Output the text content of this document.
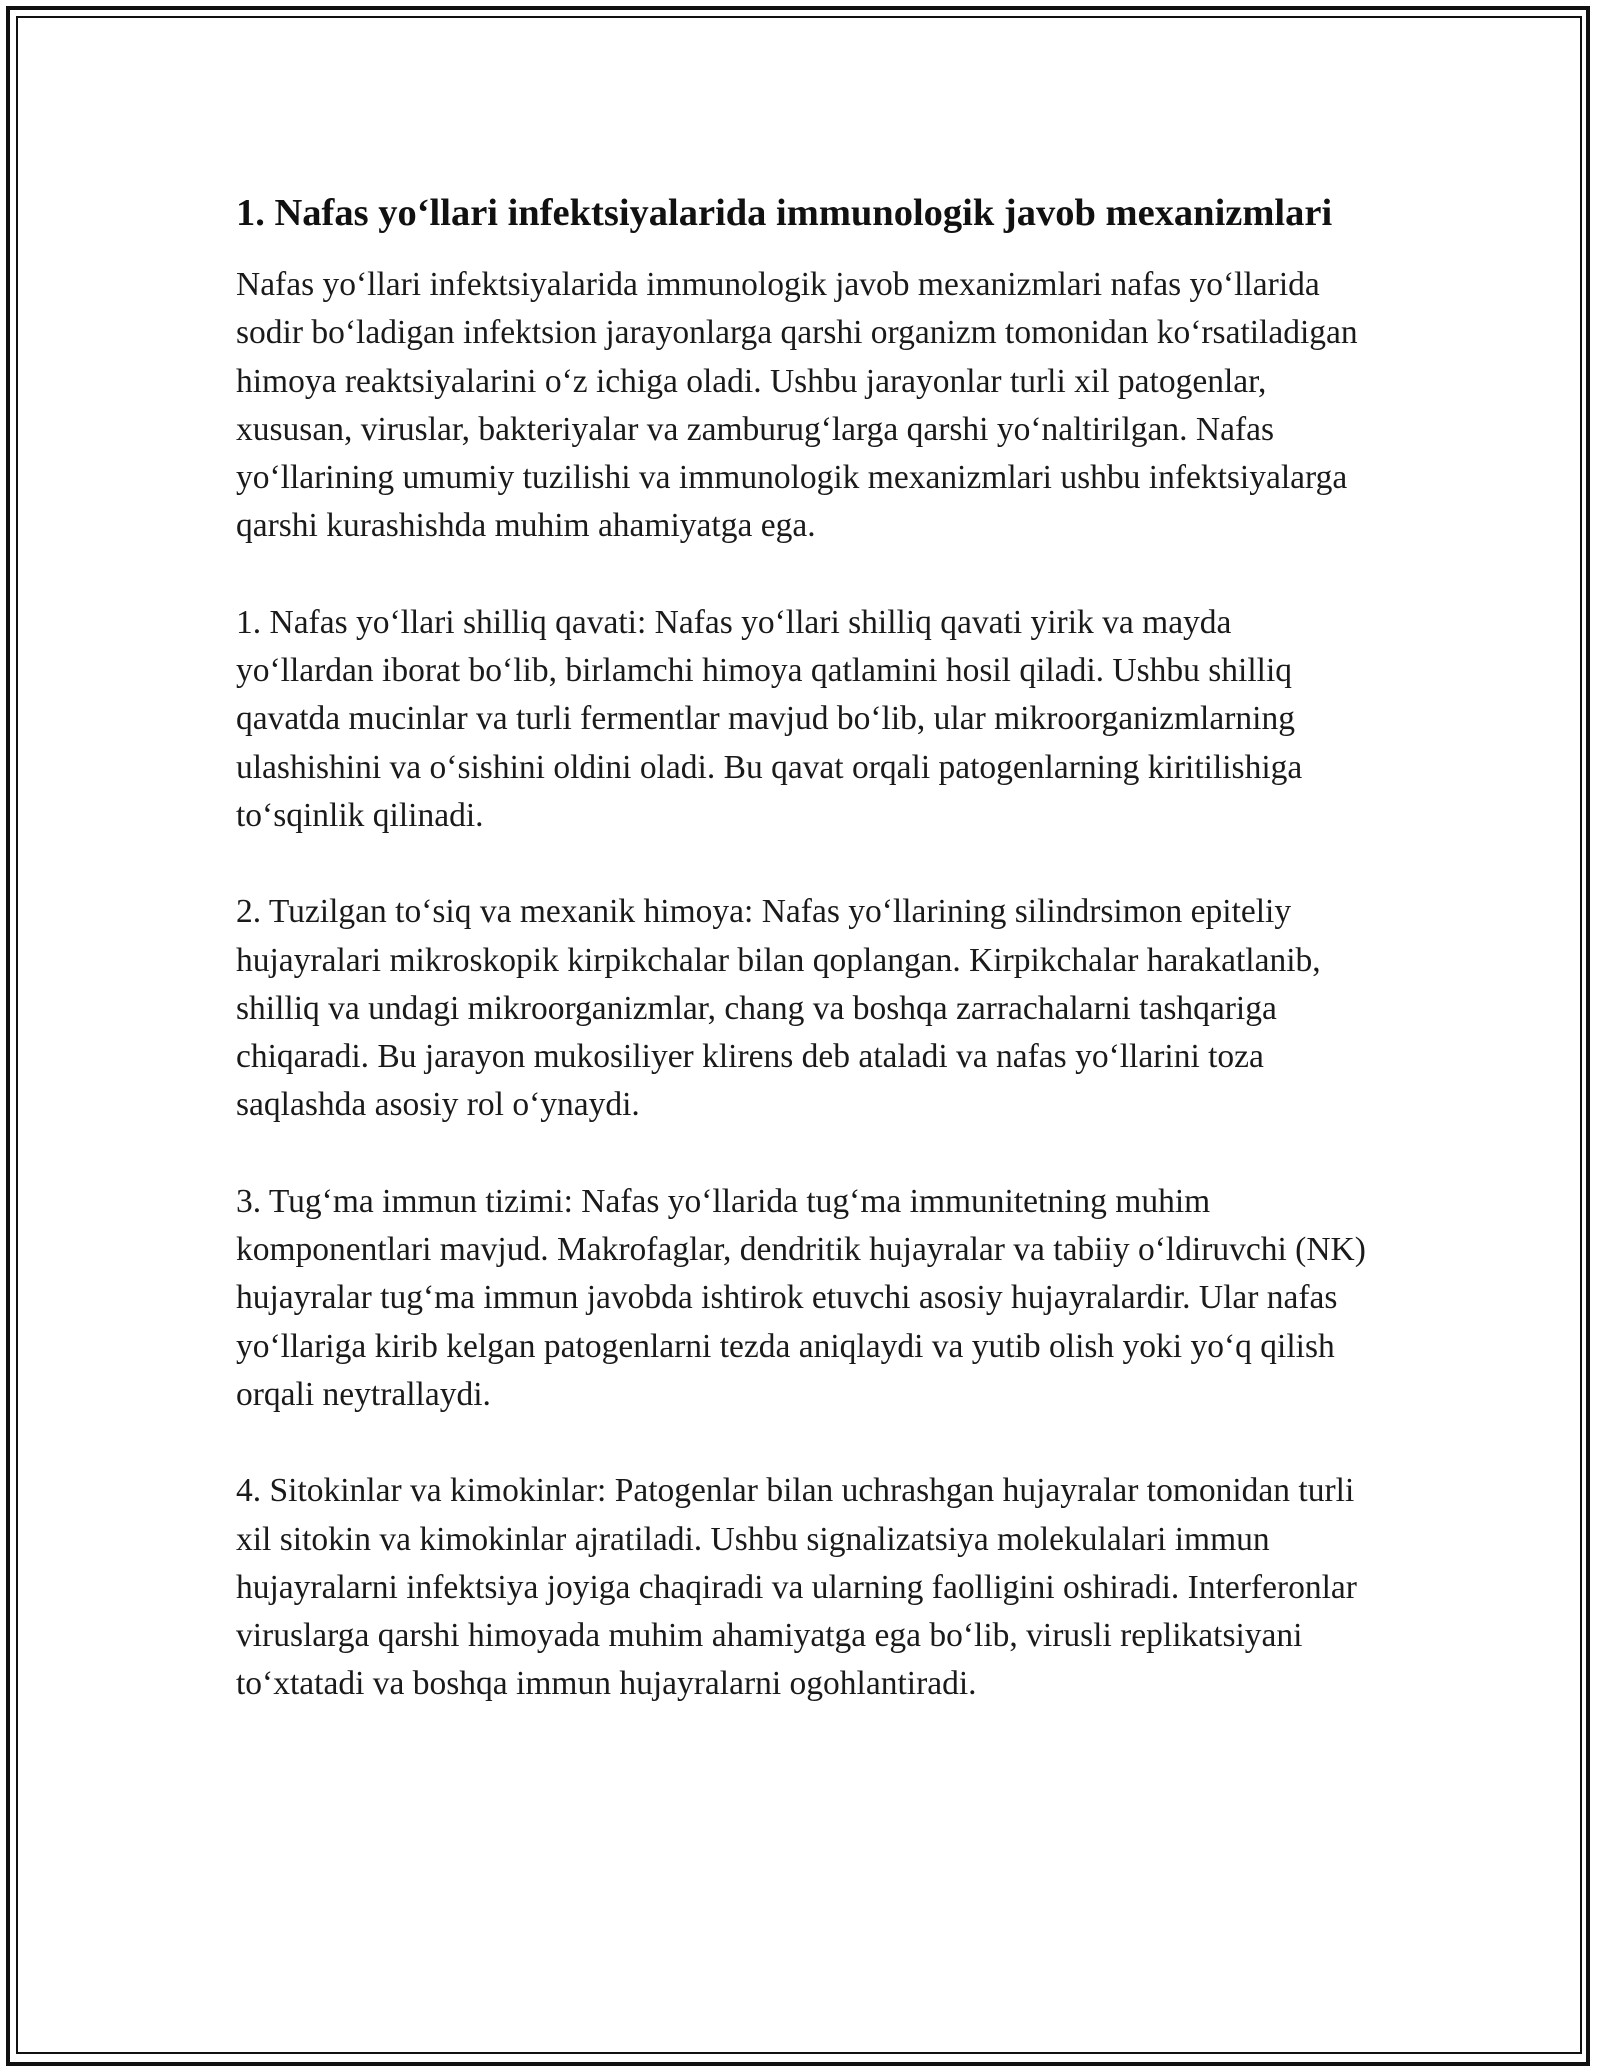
1. Nafas yo‘llari infektsiyalarida immunologik javob mexanizmlari

Nafas yo‘llari infektsiyalarida immunologik javob mexanizmlari nafas yo‘llarida sodir bo‘ladigan infektsion jarayonlarga qarshi organizm tomonidan ko‘rsatiladigan himoya reaktsiyalarini o‘z ichiga oladi. Ushbu jarayonlar turli xil patogenlar, xususan, viruslar, bakteriyalar va zamburug‘larga qarshi yo‘naltirilgan. Nafas yo‘llarining umumiy tuzilishi va immunologik mexanizmlari ushbu infektsiyalarga qarshi kurashishda muhim ahamiyatga ega.

1. Nafas yo‘llari shilliq qavati: Nafas yo‘llari shilliq qavati yirik va mayda yo‘llardan iborat bo‘lib, birlamchi himoya qatlamini hosil qiladi. Ushbu shilliq qavatda mucinlar va turli fermentlar mavjud bo‘lib, ular mikroorganizmlarning ulashishini va o‘sishini oldini oladi. Bu qavat orqali patogenlarning kiritilishiga to‘sqinlik qilinadi.

2. Tuzilgan to‘siq va mexanik himoya: Nafas yo‘llarining silindrsimon epiteliy hujayralari mikroskopik kirpikchalar bilan qoplangan. Kirpikchalar harakatlanib, shilliq va undagi mikroorganizmlar, chang va boshqa zarrachalarni tashqariga chiqaradi. Bu jarayon mukosiliyer klirens deb ataladi va nafas yo‘llarini toza saqlashda asosiy rol o‘ynaydi.

3. Tug‘ma immun tizimi: Nafas yo‘llarida tug‘ma immunitetning muhim komponentlari mavjud. Makrofaglar, dendritik hujayralar va tabiiy o‘ldiruvchi (NK) hujayralar tug‘ma immun javobda ishtirok etuvchi asosiy hujayralardir. Ular nafas yo‘llariga kirib kelgan patogenlarni tezda aniqlaydi va yutib olish yoki yo‘q qilish orqali neytrallaydi.

4. Sitokinlar va kimokinlar: Patogenlar bilan uchrashgan hujayralar tomonidan turli xil sitokin va kimokinlar ajratiladi. Ushbu signalizatsiya molekulalari immun hujayralarni infektsiya joyiga chaqiradi va ularning faolligini oshiradi. Interferonlar viruslarga qarshi himoyada muhim ahamiyatga ega bo‘lib, virusli replikatsiyani to‘xtatadi va boshqa immun hujayralarni ogohlantiradi.
